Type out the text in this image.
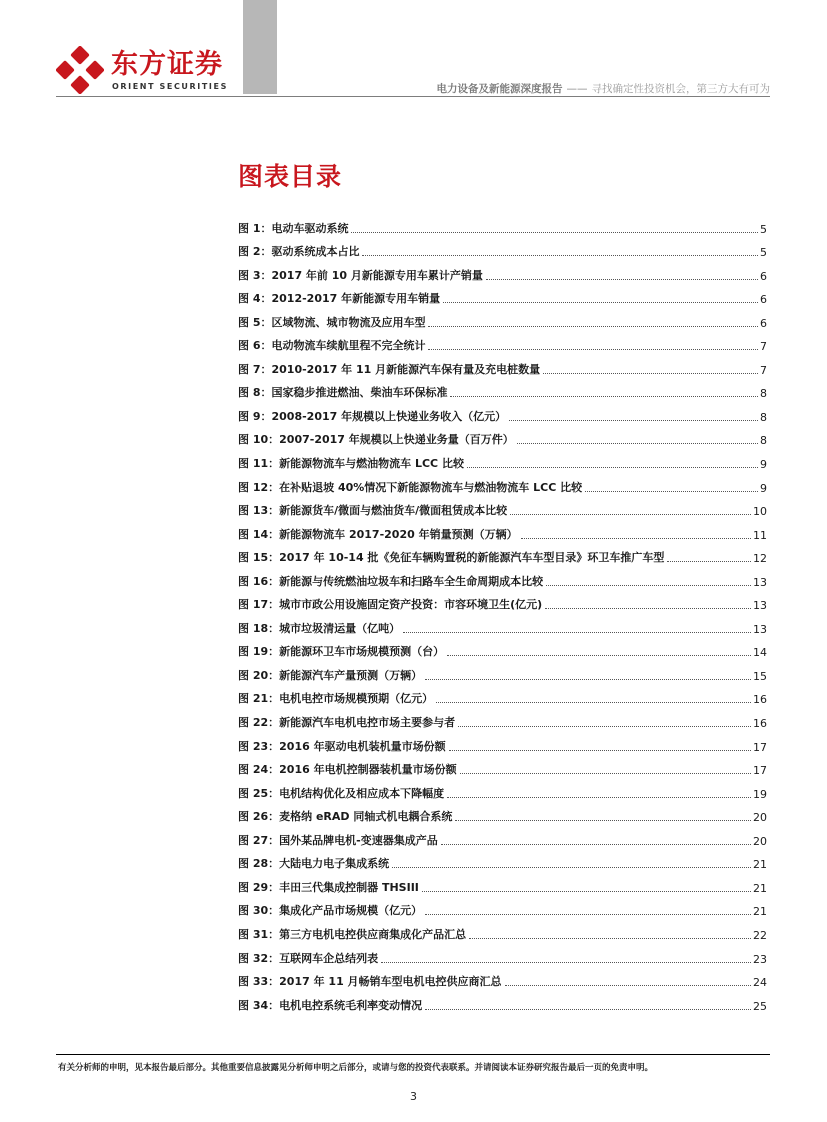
东方证券
ORIENT SECURITIES	电力设备及新能源深度报告 —— 寻找确定性投资机会，第三方大有可为
图表目录
图 1：电动车驱动系统	5
图 2：驱动系统成本占比	5
图 3：2017 年前 10 月新能源专用车累计产销量	6
图 4：2012-2017 年新能源专用车销量	6
图 5：区域物流、城市物流及应用车型	6
图 6：电动物流车续航里程不完全统计	7
图 7：2010-2017 年 11 月新能源汽车保有量及充电桩数量	7
图 8：国家稳步推进燃油、柴油车环保标准	8
图 9：2008-2017 年规模以上快递业务收入（亿元）	8
图 10：2007-2017 年规模以上快递业务量（百万件）	8
图 11：新能源物流车与燃油物流车 LCC 比较	9
图 12：在补贴退坡 40%情况下新能源物流车与燃油物流车 LCC 比较	9
图 13：新能源货车/微面与燃油货车/微面租赁成本比较	10
图 14：新能源物流车 2017-2020 年销量预测（万辆）	11
图 15：2017 年 10-14 批《免征车辆购置税的新能源汽车车型目录》环卫车推广车型	12
图 16：新能源与传统燃油垃圾车和扫路车全生命周期成本比较	13
图 17：城市市政公用设施固定资产投资：市容环境卫生(亿元)	13
图 18：城市垃圾清运量（亿吨）	13
图 19：新能源环卫车市场规模预测（台）	14
图 20：新能源汽车产量预测（万辆）	15
图 21：电机电控市场规模预期（亿元）	16
图 22：新能源汽车电机电控市场主要参与者	16
图 23：2016 年驱动电机装机量市场份额	17
图 24：2016 年电机控制器装机量市场份额	17
图 25：电机结构优化及相应成本下降幅度	19
图 26：麦格纳 eRAD 同轴式机电耦合系统	20
图 27：国外某品牌电机-变速器集成产品	20
图 28：大陆电力电子集成系统	21
图 29：丰田三代集成控制器 THSIII	21
图 30：集成化产品市场规模（亿元）	21
图 31：第三方电机电控供应商集成化产品汇总	22
图 32：互联网车企总结列表	23
图 33：2017 年 11 月畅销车型电机电控供应商汇总	24
图 34：电机电控系统毛利率变动情况	25
有关分析师的申明，见本报告最后部分。其他重要信息披露见分析师申明之后部分，或请与您的投资代表联系。并请阅读本证券研究报告最后一页的免责申明。
3
